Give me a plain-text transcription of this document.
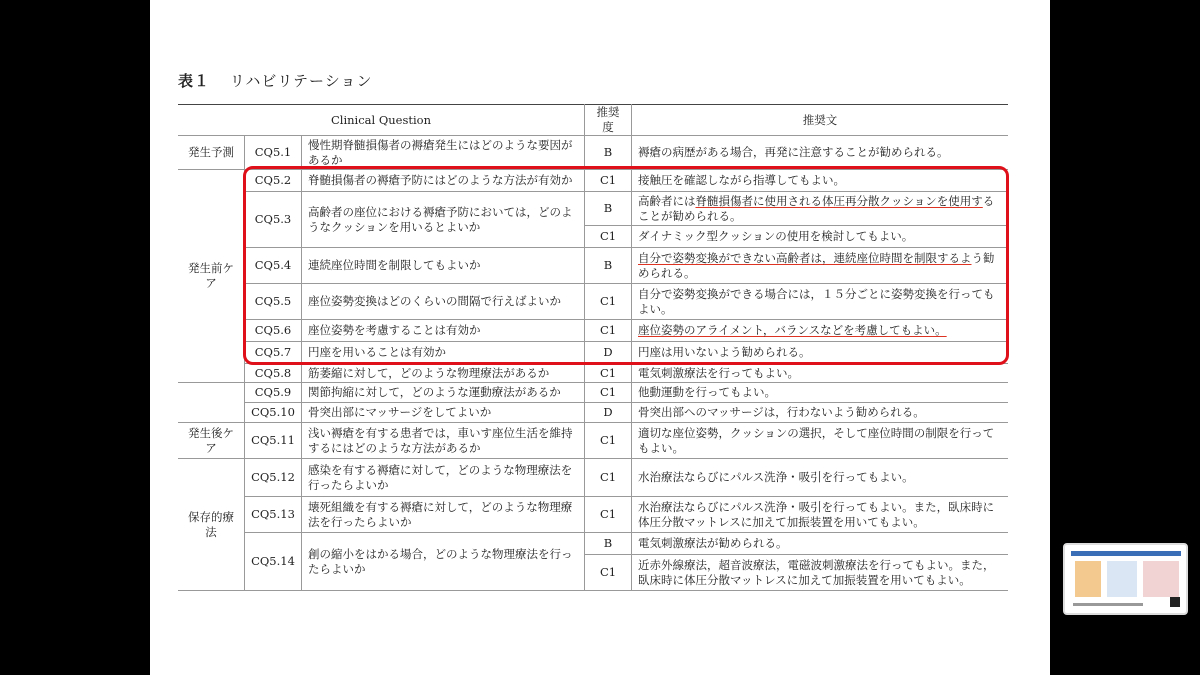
表１ リハビリテーション
Clinical Question			推奨度	推奨文
発生予測	CQ5.1	慢性期脊髄損傷者の褥瘡発生にはどのような要因があるか	B	褥瘡の病歴がある場合，再発に注意することが勧められる。
発生前ケア	CQ5.2	脊髄損傷者の褥瘡予防にはどのような方法が有効か	C1	接触圧を確認しながら指導してもよい。
	CQ5.3	高齢者の座位における褥瘡予防においては，どのようなクッションを用いるとよいか	B	高齢者には脊髄損傷者に使用される体圧再分散クッションを使用することが勧められる。
			C1	ダイナミック型クッションの使用を検討してもよい。
	CQ5.4	連続座位時間を制限してもよいか	B	自分で姿勢変換ができない高齢者は，連続座位時間を制限するよう勧められる。
	CQ5.5	座位姿勢変換はどのくらいの間隔で行えばよいか	C1	自分で姿勢変換ができる場合には，１５分ごとに姿勢変換を行ってもよい。
	CQ5.6	座位姿勢を考慮することは有効か	C1	座位姿勢のアライメント，バランスなどを考慮してもよい。
	CQ5.7	円座を用いることは有効か	D	円座は用いないよう勧められる。
	CQ5.8	筋萎縮に対して，どのような物理療法があるか	C1	電気刺激療法を行ってもよい。
	CQ5.9	関節拘縮に対して，どのような運動療法があるか	C1	他動運動を行ってもよい。
	CQ5.10	骨突出部にマッサージをしてよいか	D	骨突出部へのマッサージは，行わないよう勧められる。
発生後ケア	CQ5.11	浅い褥瘡を有する患者では，車いす座位生活を維持するにはどのような方法があるか	C1	適切な座位姿勢，クッションの選択，そして座位時間の制限を行ってもよい。
保存的療法	CQ5.12	感染を有する褥瘡に対して，どのような物理療法を行ったらよいか	C1	水治療法ならびにパルス洗浄・吸引を行ってもよい。
	CQ5.13	壊死組織を有する褥瘡に対して，どのような物理療法を行ったらよいか	C1	水治療法ならびにパルス洗浄・吸引を行ってもよい。また，臥床時に体圧分散マットレスに加えて加振装置を用いてもよい。
	CQ5.14	創の縮小をはかる場合，どのような物理療法を行ったらよいか	B	電気刺激療法が勧められる。
			C1	近赤外線療法，超音波療法，電磁波刺激療法を行ってもよい。また，臥床時に体圧分散マットレスに加えて加振装置を用いてもよい。
